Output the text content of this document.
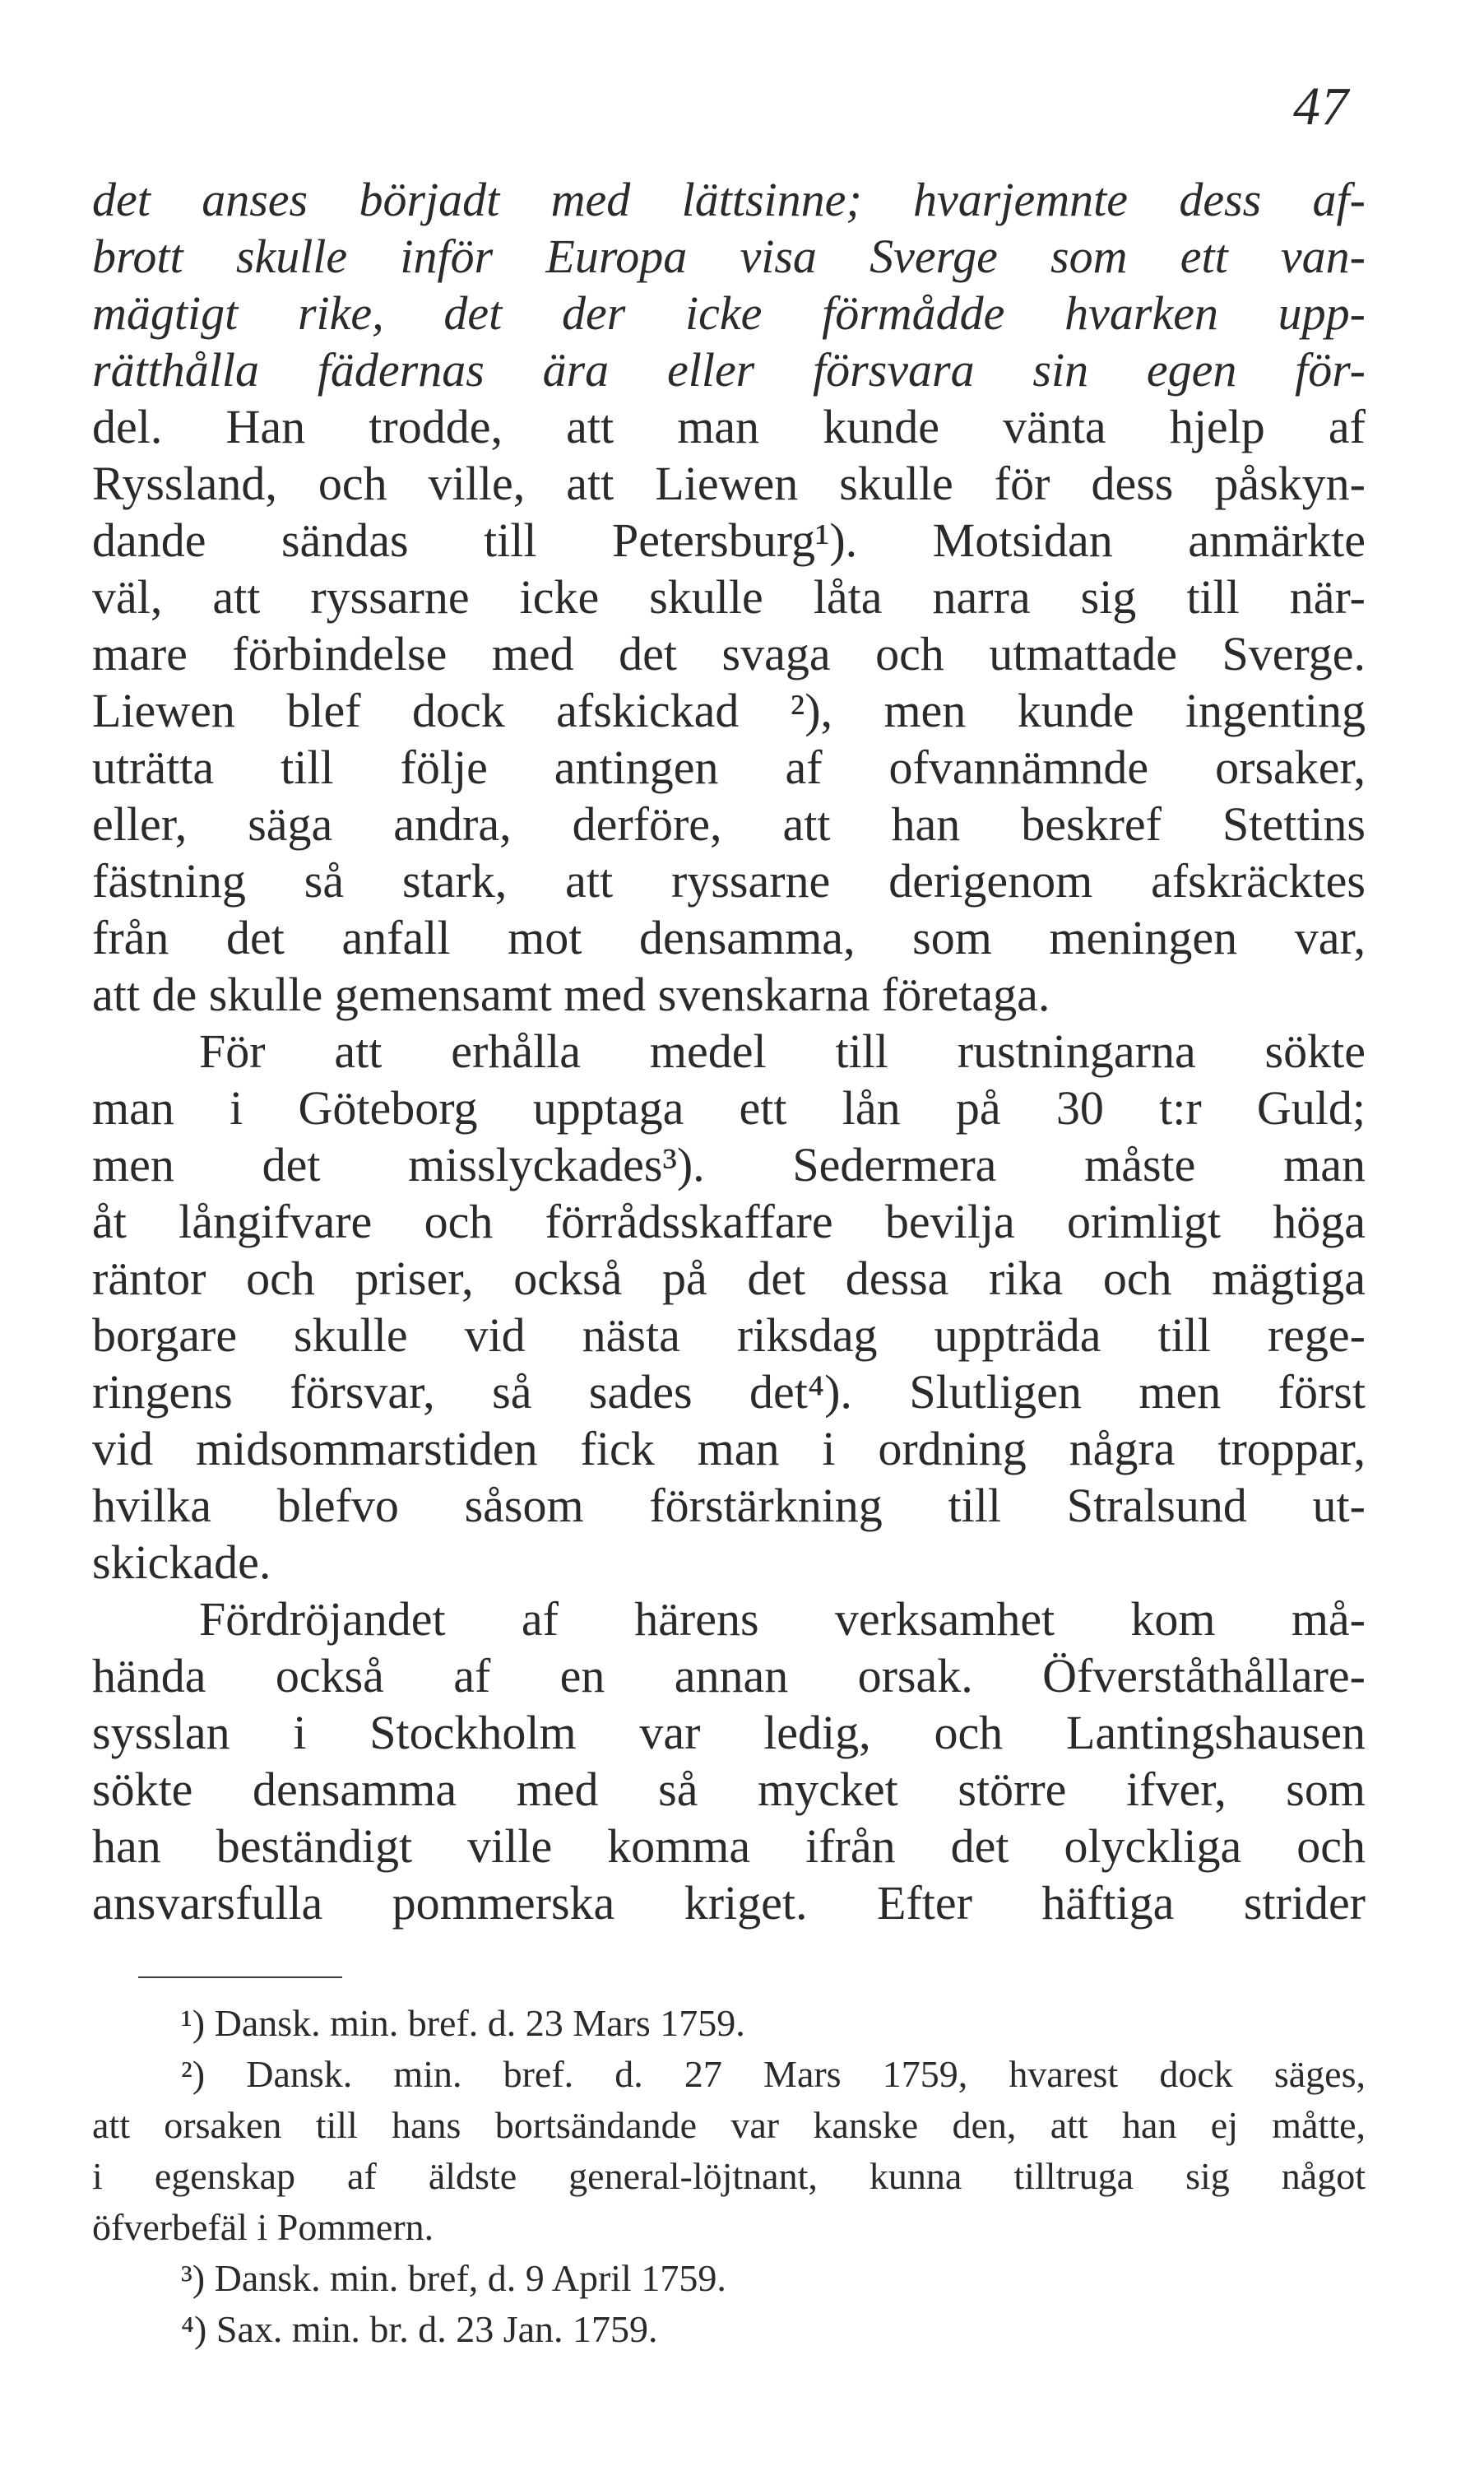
47
det anses börjadt med lättsinne; hvarjemnte dess af-
brott skulle inför Europa visa Sverge som ett van-
mägtigt rike, det der icke förmådde hvarken upp-
rätthålla fädernas ära eller försvara sin egen för-
del. Han trodde, att man kunde vänta hjelp af
Ryssland, och ville, att Liewen skulle för dess påskyn-
dande sändas till Petersburg¹). Motsidan anmärkte
väl, att ryssarne icke skulle låta narra sig till när-
mare förbindelse med det svaga och utmattade Sverge.
Liewen blef dock afskickad ²), men kunde ingenting
uträtta till följe antingen af ofvannämnde orsaker,
eller, säga andra, derföre, att han beskref Stettins
fästning så stark, att ryssarne derigenom afskräcktes
från det anfall mot densamma, som meningen var,
att de skulle gemensamt med svenskarna företaga.
För att erhålla medel till rustningarna sökte
man i Göteborg upptaga ett lån på 30 t:r Guld;
men det misslyckades³). Sedermera måste man
åt långifvare och förrådsskaffare bevilja orimligt höga
räntor och priser, också på det dessa rika och mägtiga
borgare skulle vid nästa riksdag uppträda till rege-
ringens försvar, så sades det⁴). Slutligen men först
vid midsommarstiden fick man i ordning några troppar,
hvilka blefvo såsom förstärkning till Stralsund ut-
skickade.
Fördröjandet af härens verksamhet kom må-
hända också af en annan orsak. Öfverståthållare-
sysslan i Stockholm var ledig, och Lantingshausen
sökte densamma med så mycket större ifver, som
han beständigt ville komma ifrån det olyckliga och
ansvarsfulla pommerska kriget. Efter häftiga strider
¹) Dansk. min. bref. d. 23 Mars 1759.
²) Dansk. min. bref. d. 27 Mars 1759, hvarest dock säges,
att orsaken till hans bortsändande var kanske den, att han ej måtte,
i egenskap af äldste general-löjtnant, kunna tilltruga sig något
öfverbefäl i Pommern.
³) Dansk. min. bref, d. 9 April 1759.
⁴) Sax. min. br. d. 23 Jan. 1759.
